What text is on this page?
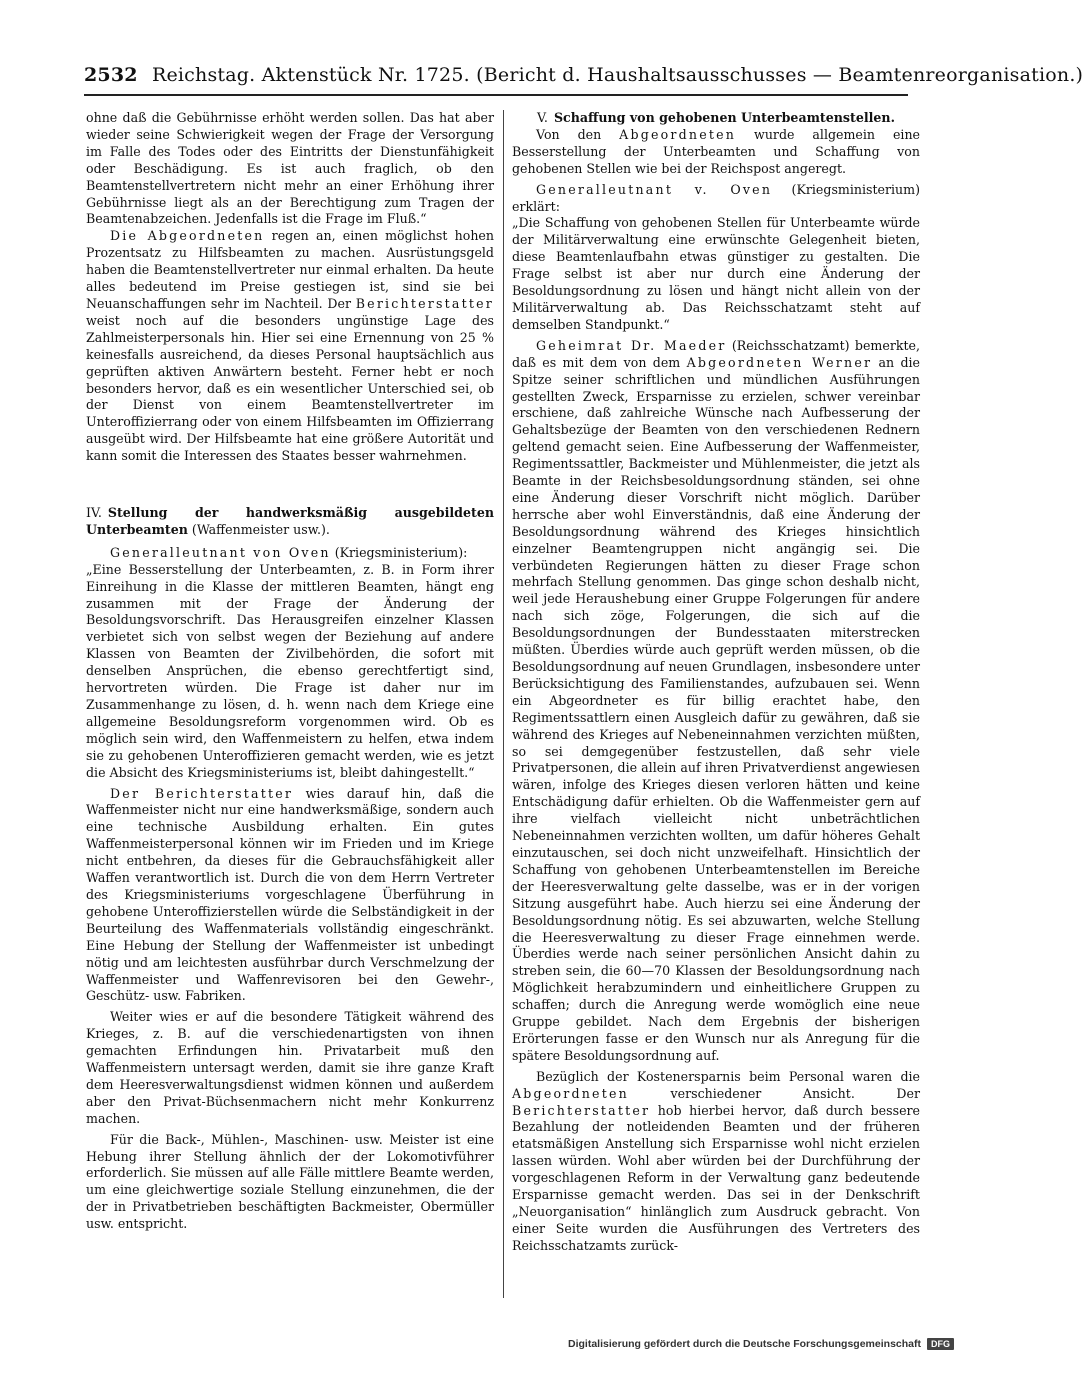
2532 Reichstag. Aktenstück Nr. 1725. (Bericht d. Haushaltsausschusses — Beamtenreorganisation.)

ohne daß die Gebührnisse erhöht werden sollen. Das hat aber wieder seine Schwierigkeit wegen der Frage der Versorgung im Falle des Todes oder des Eintritts der Dienstunfähigkeit oder Beschädigung. Es ist auch fraglich, ob den Beamtenstellvertretern nicht mehr an einer Erhöhung ihrer Gebührnisse liegt als an der Berechtigung zum Tragen der Beamtenabzeichen. Jedenfalls ist die Frage im Fluß.“

Die Abgeordneten regen an, einen möglichst hohen Prozentsatz zu Hilfsbeamten zu machen. Ausrüstungsgeld haben die Beamtenstellvertreter nur einmal erhalten. Da heute alles bedeutend im Preise gestiegen ist, sind sie bei Neuanschaffungen sehr im Nachteil. Der Berichterstatter weist noch auf die besonders ungünstige Lage des Zahlmeisterpersonals hin. Hier sei eine Ernennung von 25 % keinesfalls ausreichend, da dieses Personal hauptsächlich aus geprüften aktiven Anwärtern besteht. Ferner hebt er noch besonders hervor, daß es ein wesentlicher Unterschied sei, ob der Dienst von einem Beamtenstellvertreter im Unteroffizierrang oder von einem Hilfsbeamten im Offizierrang ausgeübt wird. Der Hilfsbeamte hat eine größere Autorität und kann somit die Interessen des Staates besser wahrnehmen.

IV. Stellung der handwerksmäßig ausgebildeten Unterbeamten (Waffenmeister usw.).

Generalleutnant von Oven (Kriegsministerium):

„Eine Besserstellung der Unterbeamten, z. B. in Form ihrer Einreihung in die Klasse der mittleren Beamten, hängt eng zusammen mit der Frage der Änderung der Besoldungsvorschrift. Das Herausgreifen einzelner Klassen verbietet sich von selbst wegen der Beziehung auf andere Klassen von Beamten der Zivilbehörden, die sofort mit denselben Ansprüchen, die ebenso gerechtfertigt sind, hervortreten würden. Die Frage ist daher nur im Zusammenhange zu lösen, d. h. wenn nach dem Kriege eine allgemeine Besoldungsreform vorgenommen wird. Ob es möglich sein wird, den Waffenmeistern zu helfen, etwa indem sie zu gehobenen Unteroffizieren gemacht werden, wie es jetzt die Absicht des Kriegsministeriums ist, bleibt dahingestellt.“

Der Berichterstatter wies darauf hin, daß die Waffenmeister nicht nur eine handwerksmäßige, sondern auch eine technische Ausbildung erhalten. Ein gutes Waffenmeisterpersonal können wir im Frieden und im Kriege nicht entbehren, da dieses für die Gebrauchsfähigkeit aller Waffen verantwortlich ist. Durch die von dem Herrn Vertreter des Kriegsministeriums vorgeschlagene Überführung in gehobene Unteroffizierstellen würde die Selbständigkeit in der Beurteilung des Waffenmaterials vollständig eingeschränkt. Eine Hebung der Stellung der Waffenmeister ist unbedingt nötig und am leichtesten ausführbar durch Verschmelzung der Waffenmeister und Waffenrevisoren bei den Gewehr-, Geschütz- usw. Fabriken.

Weiter wies er auf die besondere Tätigkeit während des Krieges, z. B. auf die verschiedenartigsten von ihnen gemachten Erfindungen hin. Privatarbeit muß den Waffenmeistern untersagt werden, damit sie ihre ganze Kraft dem Heeresverwaltungsdienst widmen können und außerdem aber den Privat-Büchsenmachern nicht mehr Konkurrenz machen.

Für die Back-, Mühlen-, Maschinen- usw. Meister ist eine Hebung ihrer Stellung ähnlich der der Lokomotivführer erforderlich. Sie müssen auf alle Fälle mittlere Beamte werden, um eine gleichwertige soziale Stellung einzunehmen, die der der in Privatbetrieben beschäftigten Backmeister, Obermüller usw. entspricht.

V. Schaffung von gehobenen Unterbeamtenstellen.

Von den Abgeordneten wurde allgemein eine Besserstellung der Unterbeamten und Schaffung von gehobenen Stellen wie bei der Reichspost angeregt.

Generalleutnant v. Oven (Kriegsministerium) erklärt:

„Die Schaffung von gehobenen Stellen für Unterbeamte würde der Militärverwaltung eine erwünschte Gelegenheit bieten, diese Beamtenlaufbahn etwas günstiger zu gestalten. Die Frage selbst ist aber nur durch eine Änderung der Besoldungsordnung zu lösen und hängt nicht allein von der Militärverwaltung ab. Das Reichsschatzamt steht auf demselben Standpunkt.“

Geheimrat Dr. Maeder (Reichsschatzamt) bemerkte, daß es mit dem von dem Abgeordneten Werner an die Spitze seiner schriftlichen und mündlichen Ausführungen gestellten Zweck, Ersparnisse zu erzielen, schwer vereinbar erschiene, daß zahlreiche Wünsche nach Aufbesserung der Gehaltsbezüge der Beamten von den verschiedenen Rednern geltend gemacht seien. Eine Aufbesserung der Waffenmeister, Regimentssattler, Backmeister und Mühlenmeister, die jetzt als Beamte in der Reichsbesoldungsordnung ständen, sei ohne eine Änderung dieser Vorschrift nicht möglich. Darüber herrsche aber wohl Einverständnis, daß eine Änderung der Besoldungsordnung während des Krieges hinsichtlich einzelner Beamtengruppen nicht angängig sei. Die verbündeten Regierungen hätten zu dieser Frage schon mehrfach Stellung genommen. Das ginge schon deshalb nicht, weil jede Heraushebung einer Gruppe Folgerungen für andere nach sich zöge, Folgerungen, die sich auf die Besoldungsordnungen der Bundesstaaten miterstrecken müßten. Überdies würde auch geprüft werden müssen, ob die Besoldungsordnung auf neuen Grundlagen, insbesondere unter Berücksichtigung des Familienstandes, aufzubauen sei. Wenn ein Abgeordneter es für billig erachtet habe, den Regimentssattlern einen Ausgleich dafür zu gewähren, daß sie während des Krieges auf Nebeneinnahmen verzichten müßten, so sei demgegenüber festzustellen, daß sehr viele Privatpersonen, die allein auf ihren Privatverdienst angewiesen wären, infolge des Krieges diesen verloren hätten und keine Entschädigung dafür erhielten. Ob die Waffenmeister gern auf ihre vielfach vielleicht nicht unbeträchtlichen Nebeneinnahmen verzichten wollten, um dafür höheres Gehalt einzutauschen, sei doch nicht unzweifelhaft. Hinsichtlich der Schaffung von gehobenen Unterbeamtenstellen im Bereiche der Heeresverwaltung gelte dasselbe, was er in der vorigen Sitzung ausgeführt habe. Auch hierzu sei eine Änderung der Besoldungsordnung nötig. Es sei abzuwarten, welche Stellung die Heeresverwaltung zu dieser Frage einnehmen werde. Überdies werde nach seiner persönlichen Ansicht dahin zu streben sein, die 60—70 Klassen der Besoldungsordnung nach Möglichkeit herabzumindern und einheitlichere Gruppen zu schaffen; durch die Anregung werde womöglich eine neue Gruppe gebildet. Nach dem Ergebnis der bisherigen Erörterungen fasse er den Wunsch nur als Anregung für die spätere Besoldungsordnung auf.

Bezüglich der Kostenersparnis beim Personal waren die Abgeordneten verschiedener Ansicht. Der Berichterstatter hob hierbei hervor, daß durch bessere Bezahlung der notleidenden Beamten und der früheren etatsmäßigen Anstellung sich Ersparnisse wohl nicht erzielen lassen würden. Wohl aber würden bei der Durchführung der vorgeschlagenen Reform in der Verwaltung ganz bedeutende Ersparnisse gemacht werden. Das sei in der Denkschrift „Neuorganisation“ hinlänglich zum Ausdruck gebracht. Von einer Seite wurden die Ausführungen des Vertreters des Reichsschatzamts zurück-

Digitalisierung gefördert durch die Deutsche Forschungsgemeinschaft	DFG
